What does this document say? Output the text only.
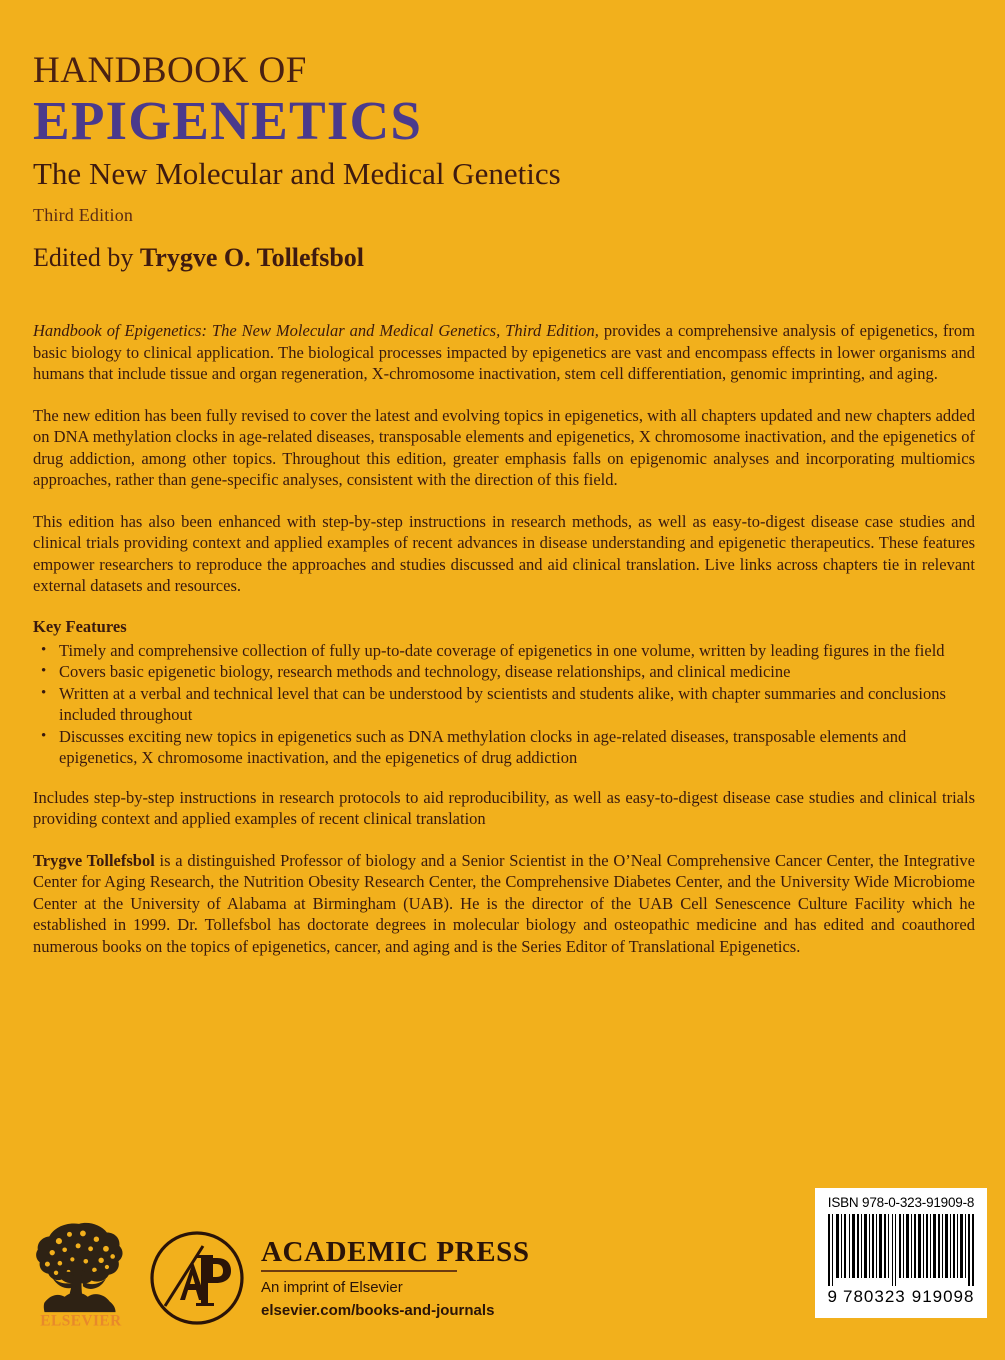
HANDBOOK OF
EPIGENETICS
The New Molecular and Medical Genetics
Third Edition
Edited by Trygve O. Tollefsbol

Handbook of Epigenetics: The New Molecular and Medical Genetics, Third Edition, provides a comprehensive analysis of epigenetics, from basic biology to clinical application. The biological processes impacted by epigenetics are vast and encompass effects in lower organisms and humans that include tissue and organ regeneration, X-chromosome inactivation, stem cell differentiation, genomic imprinting, and aging.

The new edition has been fully revised to cover the latest and evolving topics in epigenetics, with all chapters updated and new chapters added on DNA methylation clocks in age-related diseases, transposable elements and epigenetics, X chromosome inactivation, and the epigenetics of drug addiction, among other topics. Throughout this edition, greater emphasis falls on epigenomic analyses and incorporating multiomics approaches, rather than gene-specific analyses, consistent with the direction of this field.

This edition has also been enhanced with step-by-step instructions in research methods, as well as easy-to-digest disease case studies and clinical trials providing context and applied examples of recent advances in disease understanding and epigenetic therapeutics. These features empower researchers to reproduce the approaches and studies discussed and aid clinical translation. Live links across chapters tie in relevant external datasets and resources.

Key Features
• Timely and comprehensive collection of fully up-to-date coverage of epigenetics in one volume, written by leading figures in the field
• Covers basic epigenetic biology, research methods and technology, disease relationships, and clinical medicine
• Written at a verbal and technical level that can be understood by scientists and students alike, with chapter summaries and conclusions included throughout
• Discusses exciting new topics in epigenetics such as DNA methylation clocks in age-related diseases, transposable elements and epigenetics, X chromosome inactivation, and the epigenetics of drug addiction

Includes step-by-step instructions in research protocols to aid reproducibility, as well as easy-to-digest disease case studies and clinical trials providing context and applied examples of recent clinical translation

Trygve Tollefsbol is a distinguished Professor of biology and a Senior Scientist in the O’Neal Comprehensive Cancer Center, the Integrative Center for Aging Research, the Nutrition Obesity Research Center, the Comprehensive Diabetes Center, and the University Wide Microbiome Center at the University of Alabama at Birmingham (UAB). He is the director of the UAB Cell Senescence Culture Facility which he established in 1999. Dr. Tollefsbol has doctorate degrees in molecular biology and osteopathic medicine and has edited and coauthored numerous books on the topics of epigenetics, cancer, and aging and is the Series Editor of Translational Epigenetics.

ELSEVIER
ACADEMIC PRESS
An imprint of Elsevier
elsevier.com/books-and-journals
ISBN 978-0-323-91909-8
9 780323 919098
